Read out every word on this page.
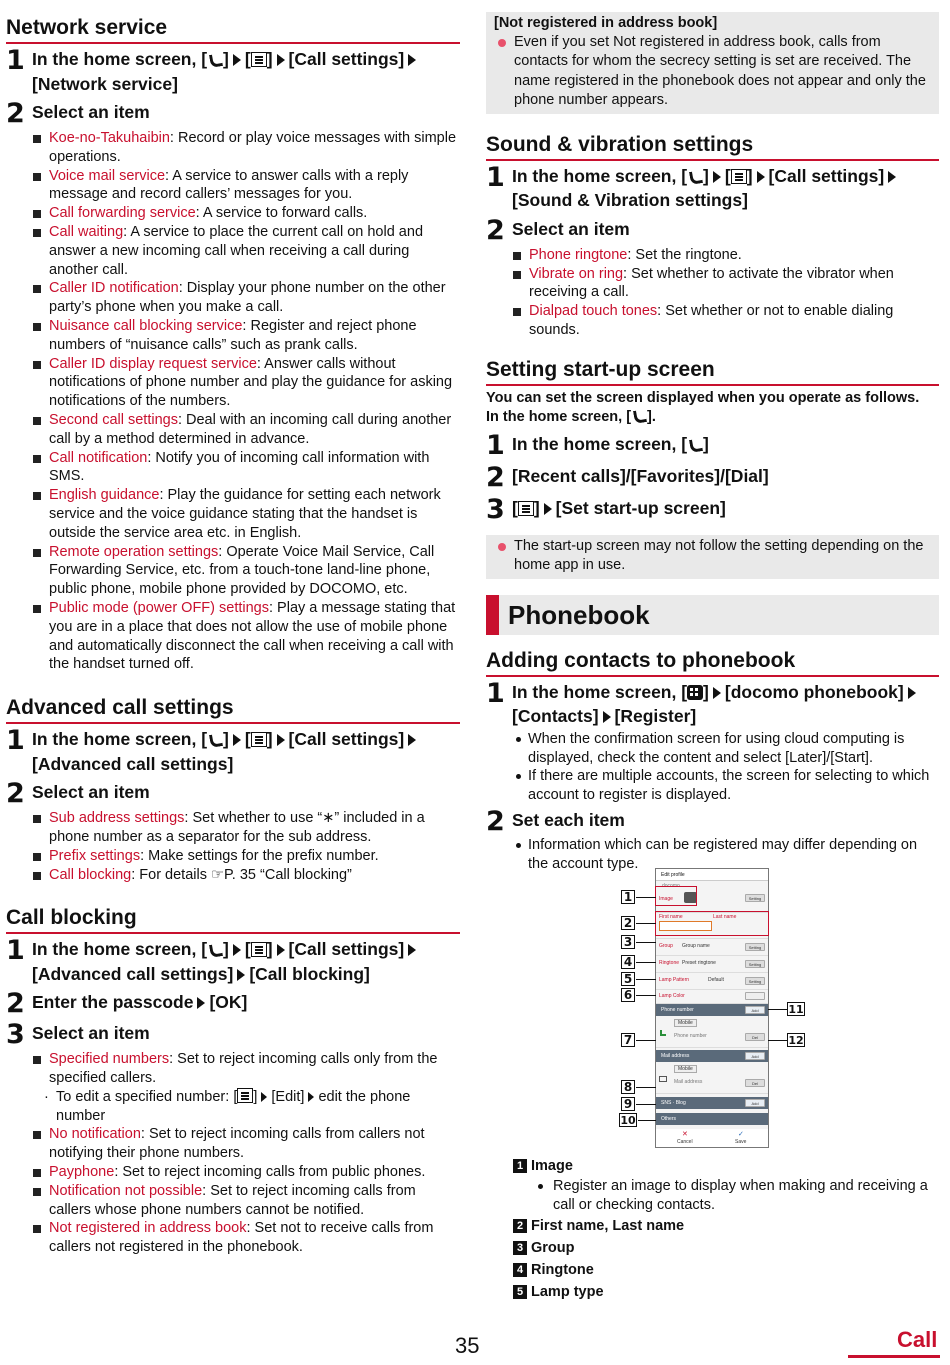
Network service
1 In the home screen, [ ] [ ] [Call settings][Network service]
2 Select an item
Koe-no-Takuhaibin: Record or play voice messages with simple operations.
Voice mail service: A service to answer calls with a reply message and record callers’ messages for you.
Call forwarding service: A service to forward calls.
Call waiting: A service to place the current call on hold and answer a new incoming call when receiving a call during another call.
Caller ID notification: Display your phone number on the other party’s phone when you make a call.
Nuisance call blocking service: Register and reject phone numbers of “nuisance calls” such as prank calls.
Caller ID display request service: Answer calls without notifications of phone number and play the guidance for asking notifications of the numbers.
Second call settings: Deal with an incoming call during another call by a method determined in advance.
Call notification: Notify you of incoming call information with SMS.
English guidance: Play the guidance for setting each network service and the voice guidance stating that the handset is outside the service area etc. in English.
Remote operation settings: Operate Voice Mail Service, Call Forwarding Service, etc. from a touch-tone land-line phone, public phone, mobile phone provided by DOCOMO, etc.
Public mode (power OFF) settings: Play a message stating that you are in a place that does not allow the use of mobile phone and automatically disconnect the call when receiving a call with the handset turned off.
Advanced call settings
1 In the home screen, [ ] [ ] [Call settings][Advanced call settings]
2 Select an item
Sub address settings: Set whether to use “∗” included in a phone number as a separator for the sub address.
Prefix settings: Make settings for the prefix number.
Call blocking: For details ☞P. 35 “Call blocking”
Call blocking
1 In the home screen, [ ] [ ] [Call settings][Advanced call settings] [Call blocking]
2 Enter the passcode [OK]
3 Select an item
Specified numbers: Set to reject incoming calls only from the specified callers.
· To edit a specified number: [ ] [Edit] edit the phone number
No notification: Set to reject incoming calls from callers not notifying their phone numbers.
Payphone: Set to reject incoming calls from public phones.
Notification not possible: Set to reject incoming calls from callers whose phone numbers cannot be notified.
Not registered in address book: Set not to receive calls from callers not registered in the phonebook.
[Not registered in address book]
Even if you set Not registered in address book, calls from contacts for whom the secrecy setting is set are received. The name registered in the phonebook does not appear and only the phone number appears.
Sound & vibration settings
1 In the home screen, [ ] [ ] [Call settings][Sound & Vibration settings]
2 Select an item
Phone ringtone: Set the ringtone.
Vibrate on ring: Set whether to activate the vibrator when receiving a call.
Dialpad touch tones: Set whether or not to enable dialing sounds.
Setting start-up screen
You can set the screen displayed when you operate as follows.
In the home screen, [ ].
1 In the home screen, [ ]
2 [Recent calls]/[Favorites]/[Dial]
3 [ ] [Set start-up screen]
The start-up screen may not follow the setting depending on the home app in use.
Phonebook
Adding contacts to phonebook
1 In the home screen, [ ] [docomo phonebook][Contacts] [Register]
When the confirmation screen for using cloud computing is displayed, check the content and select [Later]/[Start].
If there are multiple accounts, the screen for selecting to which account to register is displayed.
2 Set each item
Information which can be registered may differ depending on the account type.
Edit profile
docomo
Image	Setting
First name	Last name
Group Group name	Setting
Ringtone Preset ringtone	Setting
Lamp Pattern	Default	Setting
Lamp Color
Phone number	Add
Mobile
Phone number	Del
Mail address	Add
Mobile
Mail address	Del
SNS · Blog	Add
Others
Cancel	Save
✕	✓
1
2
3
4
5
6
7
8
9
10
11
12
1 Image
Register an image to display when making and receiving a call or checking contacts.
2 First name, Last name
3 Group
4 Ringtone
5 Lamp type
35	Call
